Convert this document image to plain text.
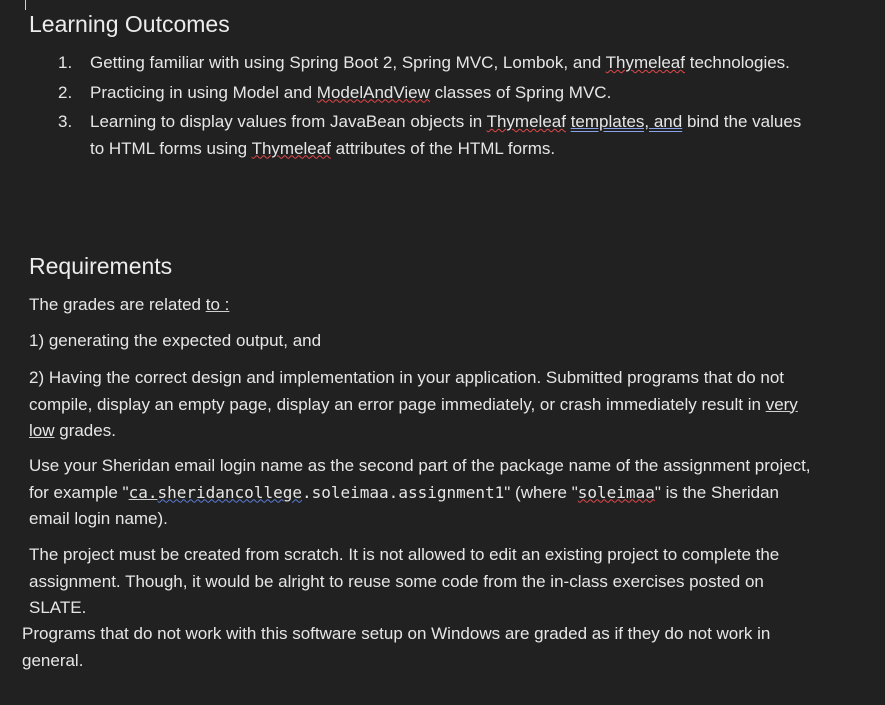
Learning Outcomes
1. Getting familiar with using Spring Boot 2, Spring MVC, Lombok, and Thymeleaf technologies.
2. Practicing in using Model and ModelAndView classes of Spring MVC.
3. Learning to display values from JavaBean objects in Thymeleaf templates, and bind the values to HTML forms using Thymeleaf attributes of the HTML forms.
Requirements

The grades are related to :

1) generating the expected output, and

2) Having the correct design and implementation in your application. Submitted programs that do not compile, display an empty page, display an error page immediately, or crash immediately result in very low grades.

Use your Sheridan email login name as the second part of the package name of the assignment project, for example "ca.sheridancollege.soleimaa.assignment1" (where "soleimaa" is the Sheridan email login name).

The project must be created from scratch. It is not allowed to edit an existing project to complete the assignment. Though, it would be alright to reuse some code from the in-class exercises posted on SLATE.

Programs that do not work with this software setup on Windows are graded as if they do not work in general.
